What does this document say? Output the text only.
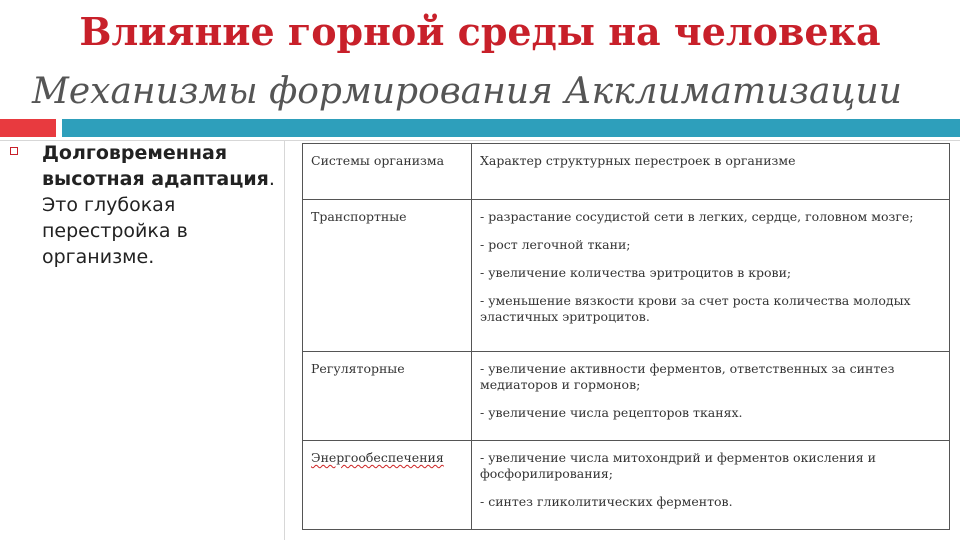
Влияние горной среды на человека
Механизмы формирования Акклиматизации
Долговременная высотная адаптация. Это глубокая перестройка в организме.
Системы организма	Характер структурных перестроек в организме
Транспортные	- разрастание сосудистой сети в легких, сердце, головном мозге;
- рост легочной ткани;
- увеличение количества эритроцитов в крови;
- уменьшение вязкости крови за счет роста количества молодых эластичных эритроцитов.

Регуляторные	- увеличение активности ферментов, ответственных за синтез медиаторов и гормонов;
- увеличение числа рецепторов тканях.

Энергообеспечения	- увеличение числа митохондрий и ферментов окисления и фосфорилирования;
- синтез гликолитических ферментов.
